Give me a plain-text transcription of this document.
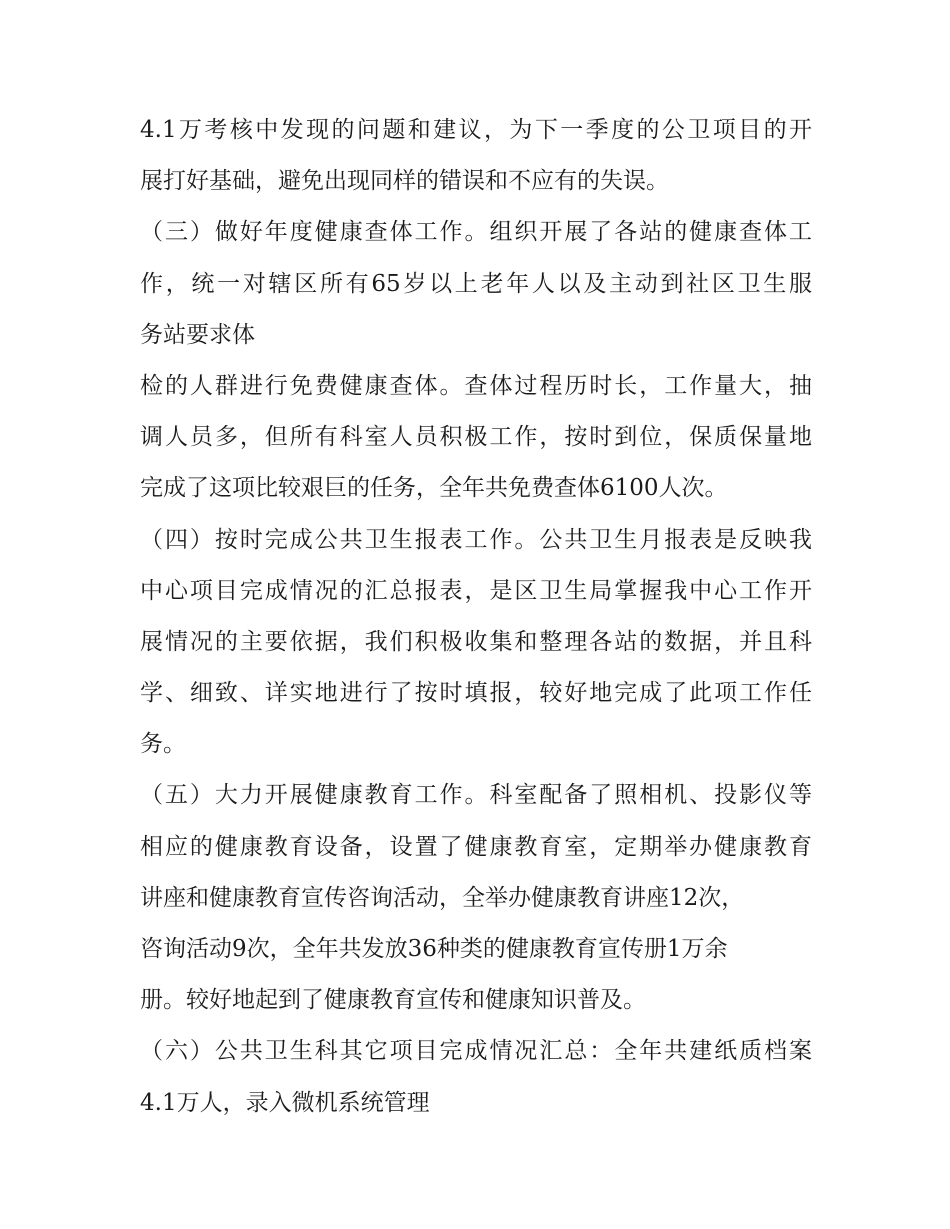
4.1万考核中发现的问题和建议，为下一季度的公卫项目的开
展打好基础，避免出现同样的错误和不应有的失误。
（三）做好年度健康查体工作。组织开展了各站的健康查体工
作，统一对辖区所有65岁以上老年人以及主动到社区卫生服
务站要求体
检的人群进行免费健康查体。查体过程历时长，工作量大，抽
调人员多，但所有科室人员积极工作，按时到位，保质保量地
完成了这项比较艰巨的任务，全年共免费查体6100人次。
（四）按时完成公共卫生报表工作。公共卫生月报表是反映我
中心项目完成情况的汇总报表，是区卫生局掌握我中心工作开
展情况的主要依据，我们积极收集和整理各站的数据，并且科
学、细致、详实地进行了按时填报，较好地完成了此项工作任
务。
（五）大力开展健康教育工作。科室配备了照相机、投影仪等
相应的健康教育设备，设置了健康教育室，定期举办健康教育
讲座和健康教育宣传咨询活动，全举办健康教育讲座12次，
咨询活动9次，全年共发放36种类的健康教育宣传册1万余
册。较好地起到了健康教育宣传和健康知识普及。
（六）公共卫生科其它项目完成情况汇总：全年共建纸质档案
4.1万人，录入微机系统管理
